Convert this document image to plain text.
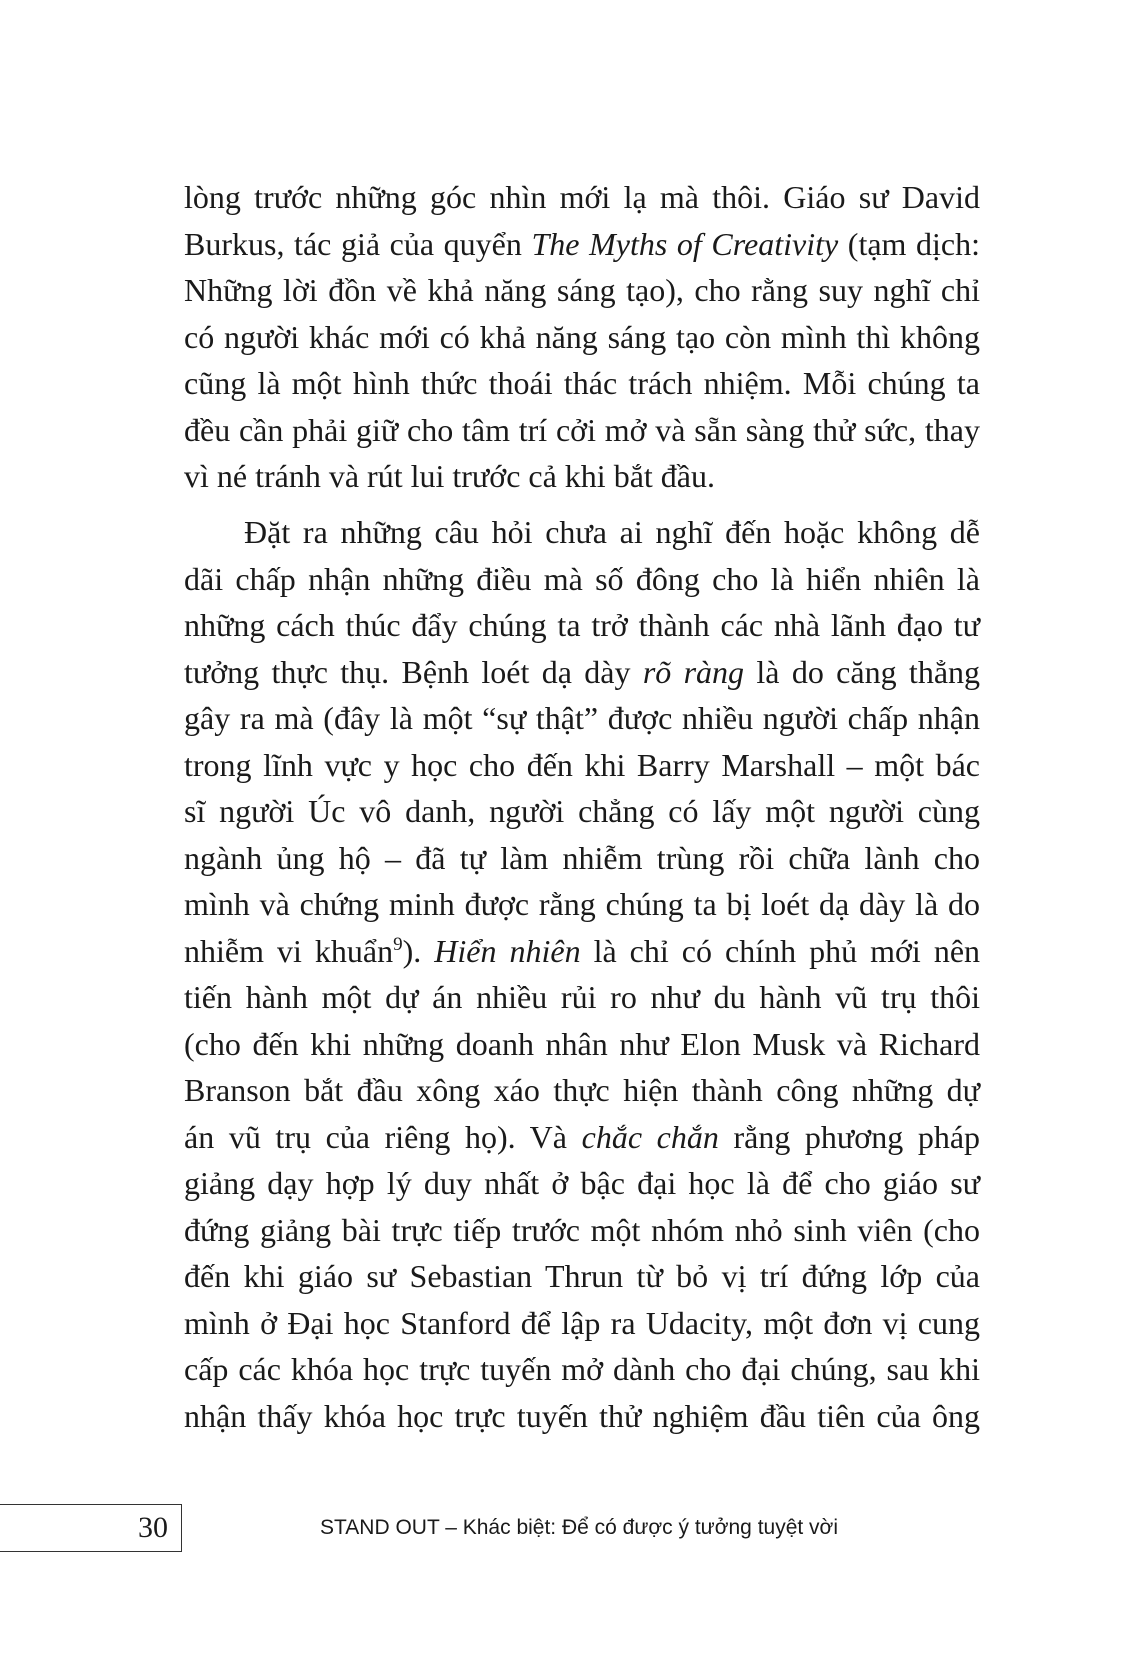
lòng trước những góc nhìn mới lạ mà thôi. Giáo sư David
Burkus, tác giả của quyển The Myths of Creativity (tạm dịch:
Những lời đồn về khả năng sáng tạo), cho rằng suy nghĩ chỉ
có người khác mới có khả năng sáng tạo còn mình thì không
cũng là một hình thức thoái thác trách nhiệm. Mỗi chúng ta
đều cần phải giữ cho tâm trí cởi mở và sẵn sàng thử sức, thay
vì né tránh và rút lui trước cả khi bắt đầu.
Đặt ra những câu hỏi chưa ai nghĩ đến hoặc không dễ
dãi chấp nhận những điều mà số đông cho là hiển nhiên là
những cách thúc đẩy chúng ta trở thành các nhà lãnh đạo tư
tưởng thực thụ. Bệnh loét dạ dày rõ ràng là do căng thẳng
gây ra mà (đây là một “sự thật” được nhiều người chấp nhận
trong lĩnh vực y học cho đến khi Barry Marshall – một bác
sĩ người Úc vô danh, người chẳng có lấy một người cùng
ngành ủng hộ – đã tự làm nhiễm trùng rồi chữa lành cho
mình và chứng minh được rằng chúng ta bị loét dạ dày là do
nhiễm vi khuẩn$^9$). Hiển nhiên là chỉ có chính phủ mới nên
tiến hành một dự án nhiều rủi ro như du hành vũ trụ thôi
(cho đến khi những doanh nhân như Elon Musk và Richard
Branson bắt đầu xông xáo thực hiện thành công những dự
án vũ trụ của riêng họ). Và chắc chắn rằng phương pháp
giảng dạy hợp lý duy nhất ở bậc đại học là để cho giáo sư
đứng giảng bài trực tiếp trước một nhóm nhỏ sinh viên (cho
đến khi giáo sư Sebastian Thrun từ bỏ vị trí đứng lớp của
mình ở Đại học Stanford để lập ra Udacity, một đơn vị cung
cấp các khóa học trực tuyến mở dành cho đại chúng, sau khi
nhận thấy khóa học trực tuyến thử nghiệm đầu tiên của ông
30	STAND OUT – Khác biệt: Để có được ý tưởng tuyệt vời
